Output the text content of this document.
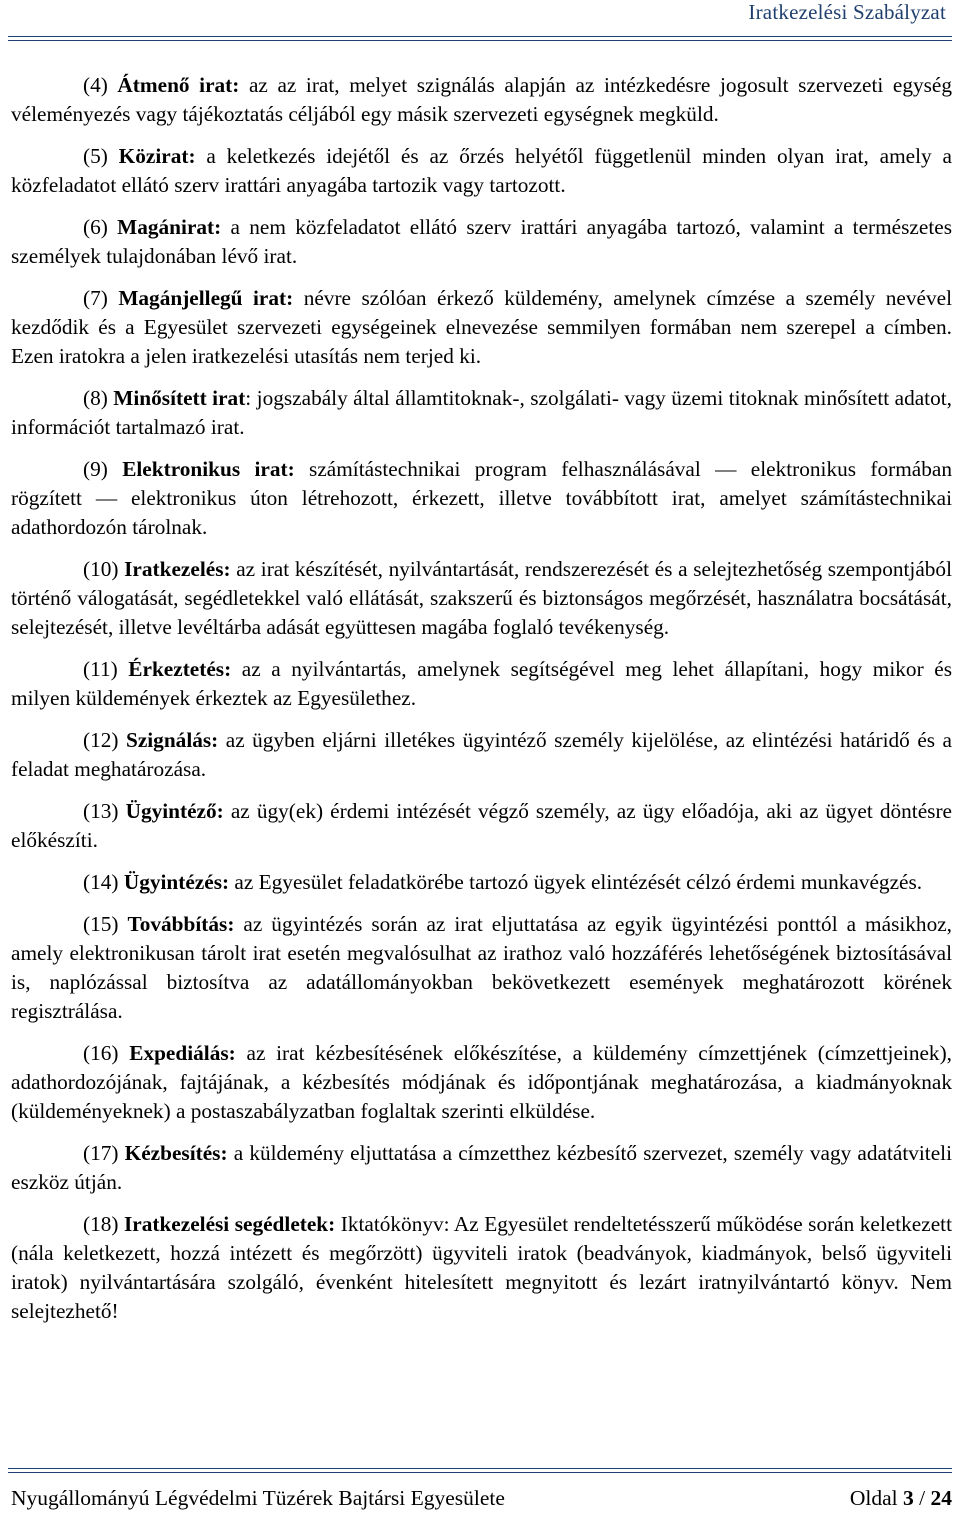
Iratkezelési Szabályzat

(4) Átmenő irat: az az irat, melyet szignálás alapján az intézkedésre jogosult szervezeti egység véleményezés vagy tájékoztatás céljából egy másik szervezeti egységnek megküld.

(5) Közirat: a keletkezés idejétől és az őrzés helyétől függetlenül minden olyan irat, amely a közfeladatot ellátó szerv irattári anyagába tartozik vagy tartozott.

(6) Magánirat: a nem közfeladatot ellátó szerv irattári anyagába tartozó, valamint a természetes személyek tulajdonában lévő irat.

(7) Magánjellegű irat: névre szólóan érkező küldemény, amelynek címzése a személy nevével kezdődik és a Egyesület szervezeti egységeinek elnevezése semmilyen formában nem szerepel a címben. Ezen iratokra a jelen iratkezelési utasítás nem terjed ki.

(8) Minősített irat: jogszabály által államtitoknak-, szolgálati- vagy üzemi titoknak minősített adatot, információt tartalmazó irat.

(9) Elektronikus irat: számítástechnikai program felhasználásával ― elektronikus formában rögzített ― elektronikus úton létrehozott, érkezett, illetve továbbított irat, amelyet számítástechnikai adathordozón tárolnak.

(10) Iratkezelés: az irat készítését, nyilvántartását, rendszerezését és a selejtezhetőség szempontjából történő válogatását, segédletekkel való ellátását, szakszerű és biztonságos megőrzését, használatra bocsátását, selejtezését, illetve levéltárba adását együttesen magába foglaló tevékenység.

(11) Érkeztetés: az a nyilvántartás, amelynek segítségével meg lehet állapítani, hogy mikor és milyen küldemények érkeztek az Egyesülethez.

(12) Szignálás: az ügyben eljárni illetékes ügyintéző személy kijelölése, az elintézési határidő és a feladat meghatározása.

(13) Ügyintéző: az ügy(ek) érdemi intézését végző személy, az ügy előadója, aki az ügyet döntésre előkészíti.

(14) Ügyintézés: az Egyesület feladatkörébe tartozó ügyek elintézését célzó érdemi munkavégzés.

(15) Továbbítás: az ügyintézés során az irat eljuttatása az egyik ügyintézési ponttól a másikhoz, amely elektronikusan tárolt irat esetén megvalósulhat az irathoz való hozzáférés lehetőségének biztosításával is, naplózással biztosítva az adatállományokban bekövetkezett események meghatározott körének regisztrálása.

(16) Expediálás: az irat kézbesítésének előkészítése, a küldemény címzettjének (címzettjeinek), adathordozójának, fajtájának, a kézbesítés módjának és időpontjának meghatározása, a kiadmányoknak (küldeményeknek) a postaszabályzatban foglaltak szerinti elküldése.

(17) Kézbesítés: a küldemény eljuttatása a címzetthez kézbesítő szervezet, személy vagy adatátviteli eszköz útján.

(18) Iratkezelési segédletek: Iktatókönyv: Az Egyesület rendeltetésszerű működése során keletkezett (nála keletkezett, hozzá intézett és megőrzött) ügyviteli iratok (beadványok, kiadmányok, belső ügyviteli iratok) nyilvántartására szolgáló, évenként hitelesített megnyitott és lezárt iratnyilvántartó könyv. Nem selejtezhető!

Nyugállományú Légvédelmi Tüzérek Bajtársi Egyesülete	Oldal 3 / 24
